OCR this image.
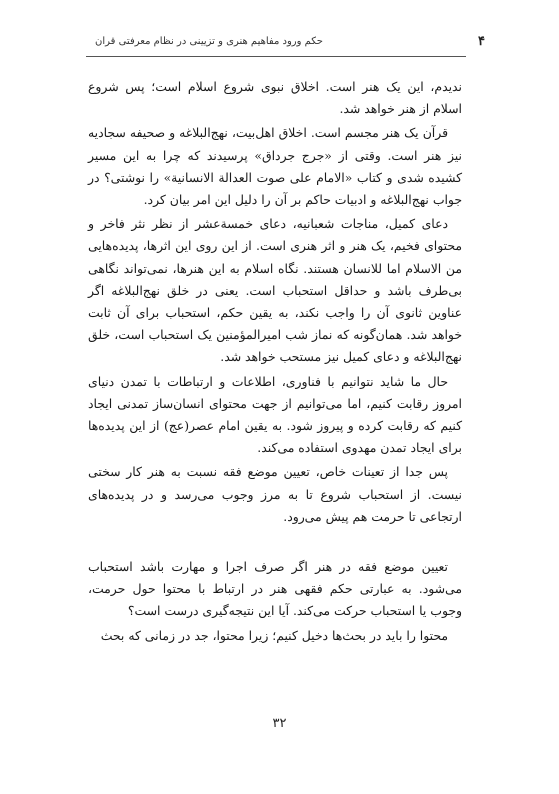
۴
حکم ورود مفاهیم هنری و تزیینی در نظام معرفتی قرآن

ندیدم، این یک هنر است. اخلاق نبوی شروع اسلام است؛ پس شروع اسلام از هنر خواهد شد.

قرآن یک هنر مجسم است. اخلاق اهل‌بیت، نهج‌البلاغه و صحیفه سجادیه نیز هنر است. وقتی از «جرج جرداق» پرسیدند که چرا به این مسیر کشیده شدی و کتاب «الامام علی صوت العدالة الانسانیة» را نوشتی؟ در جواب نهج‌البلاغه و ادبیات حاکم بر آن را دلیل این امر بیان کرد.

دعای کمیل، مناجات شعبانیه، دعای خمسةعشر از نظر نثر فاخر و محتوای فخیم، یک هنر و اثر هنری است. از این روی این اثرها، پدیده‌هایی من الاسلام اما للانسان هستند. نگاه اسلام به این هنرها، نمی‌تواند نگاهی بی‌طرف باشد و حداقل استحباب است. یعنی در خلق نهج‌البلاغه اگر عناوین ثانوی آن را واجب نکند، به یقین حکم، استحباب برای آن ثابت خواهد شد. همان‌گونه که نماز شب امیرالمؤمنین یک استحباب است، خلق نهج‌البلاغه و دعای کمیل نیز مستحب خواهد شد.

حال ما شاید نتوانیم با فناوری، اطلاعات و ارتباطات با تمدن دنیای امروز رقابت کنیم، اما می‌توانیم از جهت محتوای انسان‌ساز تمدنی ایجاد کنیم که رقابت کرده و پیروز شود. به یقین امام عصر(عج) از این پدیده‌ها برای ایجاد تمدن مهدوی استفاده می‌کند.

پس جدا از تعینات خاص، تعیین موضع فقه نسبت به هنر کار سختی نیست. از استحباب شروع تا به مرز وجوب می‌رسد و در پدیده‌های ارتجاعی تا حرمت هم پیش می‌رود.

تعیین موضع فقه در هنر اگر صرف اجرا و مهارت باشد استحباب می‌شود. به عبارتی حکم فقهی هنر در ارتباط با محتوا حول حرمت، وجوب یا استحباب حرکت می‌کند. آیا این نتیجه‌گیری درست است؟

محتوا را باید در بحث‌ها دخیل کنیم؛ زیرا محتوا، جد در زمانی که بحث

۳۲
